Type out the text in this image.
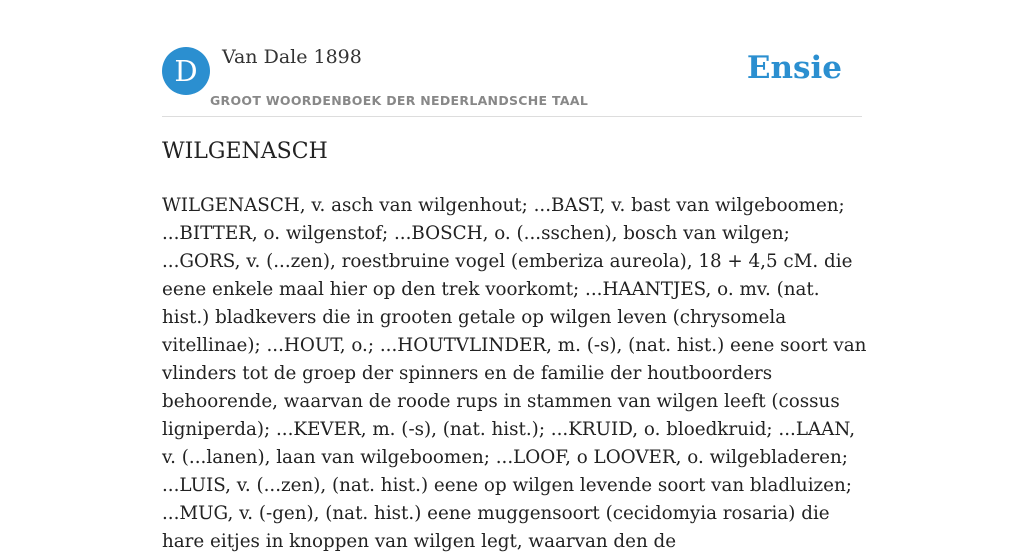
D	Van Dale 1898
GROOT WOORDENBOEK DER NEDERLANDSCHE TAAL
Ensie
WILGENASCH

WILGENASCH, v. asch van wilgenhout; ...BAST, v. bast van wilgeboomen; ...BITTER, o. wilgenstof; ...BOSCH, o. (...sschen), bosch van wilgen; ...GORS, v. (...zen), roestbruine vogel (emberiza aureola), 18 + 4,5 cM. die eene enkele maal hier op den trek voorkomt; ...HAANTJES, o. mv. (nat. hist.) bladkevers die in grooten getale op wilgen leven (chrysomela vitellinae); ...HOUT, o.; ...HOUTVLINDER, m. (-s), (nat. hist.) eene soort van vlinders tot de groep der spinners en de familie der houtboorders behoorende, waarvan de roode rups in stammen van wilgen leeft (cossus ligniperda); ...KEVER, m. (-s), (nat. hist.); ...KRUID, o. bloedkruid; ...LAAN, v. (...lanen), laan van wilgeboomen; ...LOOF, o LOOVER, o. wilgebladeren; ...LUIS, v. (...zen), (nat. hist.) eene op wilgen levende soort van bladluizen; ...MUG, v. (-gen), (nat. hist.) eene muggensoort (cecidomyia rosaria) die hare eitjes in knoppen van wilgen legt, waarvan den de
